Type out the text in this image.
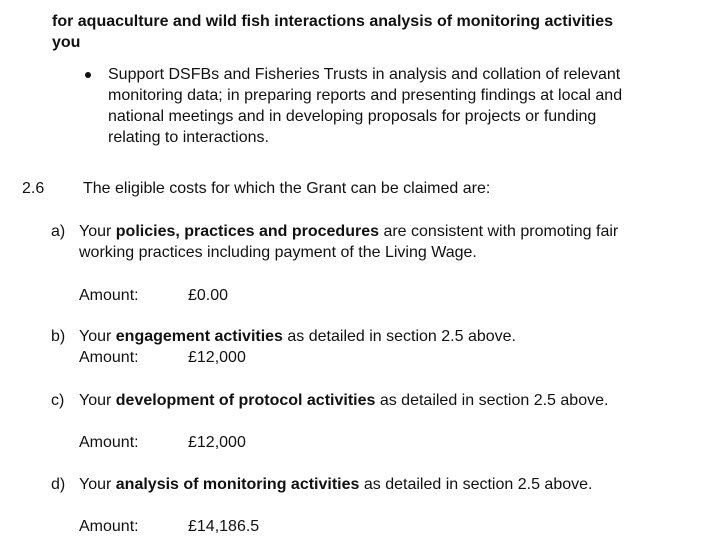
for aquaculture and wild fish interactions analysis of monitoring activities
you
Support DSFBs and Fisheries Trusts in analysis and collation of relevant
monitoring data; in preparing reports and presenting findings at local and
national meetings and in developing proposals for projects or funding
relating to interactions.
2.6 The eligible costs for which the Grant can be claimed are:
a) Your policies, practices and procedures are consistent with promoting fair
working practices including payment of the Living Wage.
Amount:	£0.00
b) Your engagement activities as detailed in section 2.5 above.
Amount:	£12,000
c) Your development of protocol activities as detailed in section 2.5 above.
Amount:	£12,000
d) Your analysis of monitoring activities as detailed in section 2.5 above.
Amount:	£14,186.5
